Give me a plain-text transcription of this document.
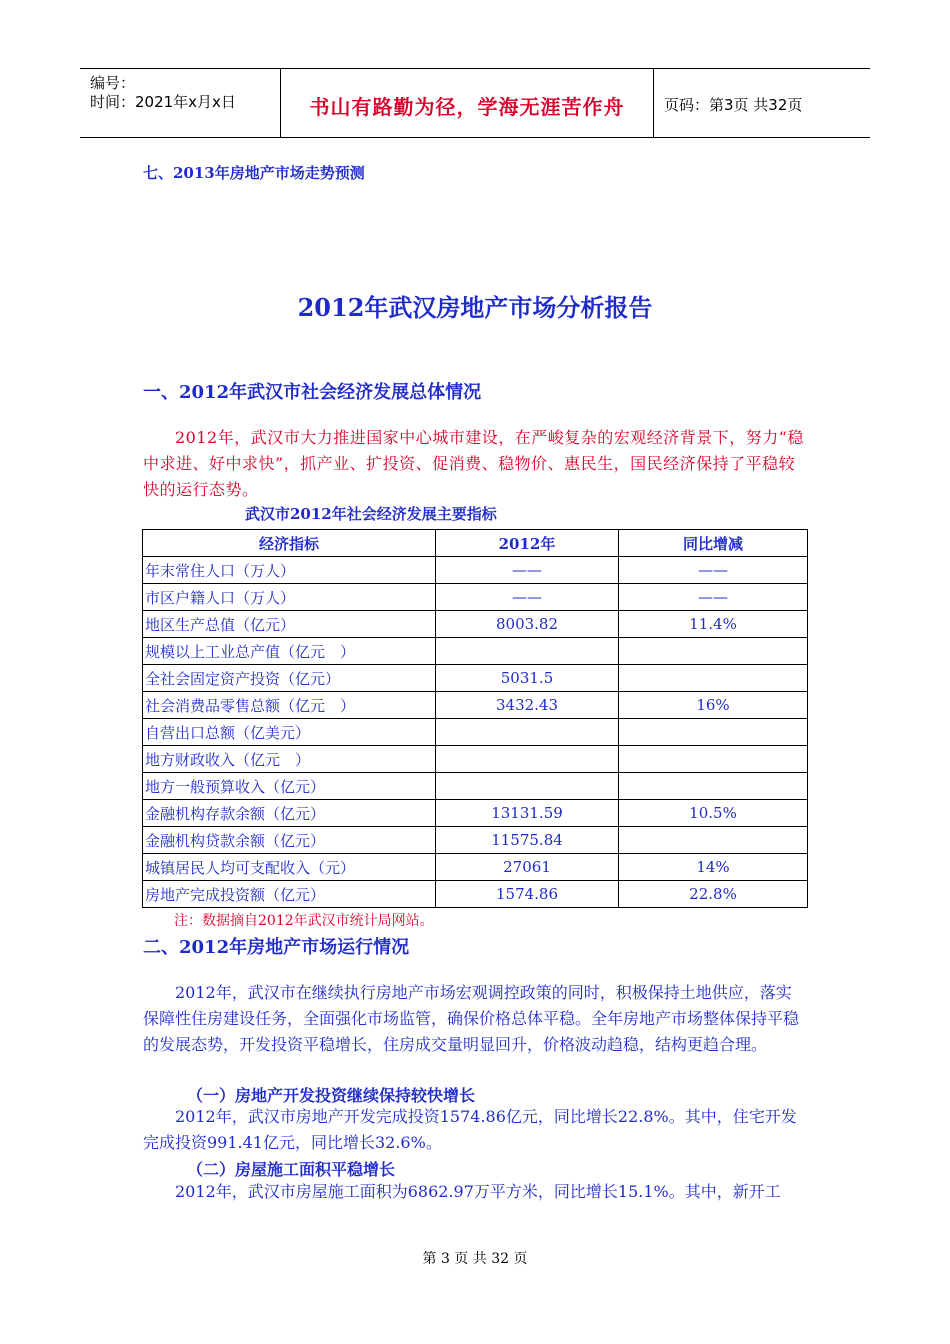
编号：
时间：2021年x月x日	书山有路勤为径，学海无涯苦作舟	页码：第3页 共32页
七、2013年房地产市场走势预测
2012年武汉房地产市场分析报告
一、2012年武汉市社会经济发展总体情况

2012年，武汉市大力推进国家中心城市建设，在严峻复杂的宏观经济背景下，努力“稳中求进、好中求快”，抓产业、扩投资、促消费、稳物价、惠民生，国民经济保持了平稳较快的运行态势。

武汉市2012年社会经济发展主要指标
经济指标	2012年	同比增减
年末常住人口（万人）	——	——
市区户籍人口（万人）	——	——
地区生产总值（亿元）	8003.82	11.4%
规模以上工业总产值（亿元　）		
全社会固定资产投资（亿元）	5031.5	
社会消费品零售总额（亿元　）	3432.43	16%
自营出口总额（亿美元）		
地方财政收入（亿元　）		
地方一般预算收入（亿元）		
金融机构存款余额（亿元）	13131.59	10.5%
金融机构贷款余额（亿元）	11575.84	
城镇居民人均可支配收入（元）	27061	14%
房地产完成投资额（亿元）	1574.86	22.8%
注：数据摘自2012年武汉市统计局网站。
二、2012年房地产市场运行情况

2012年，武汉市在继续执行房地产市场宏观调控政策的同时，积极保持土地供应，落实保障性住房建设任务，全面强化市场监管，确保价格总体平稳。全年房地产市场整体保持平稳的发展态势，开发投资平稳增长，住房成交量明显回升，价格波动趋稳，结构更趋合理。

（一）房地产开发投资继续保持较快增长

2012年，武汉市房地产开发完成投资1574.86亿元，同比增长22.8%。其中，住宅开发完成投资991.41亿元，同比增长32.6%。

（二）房屋施工面积平稳增长

2012年，武汉市房屋施工面积为6862.97万平方米，同比增长15.1%。其中，新开工

第 3 页 共 32 页
